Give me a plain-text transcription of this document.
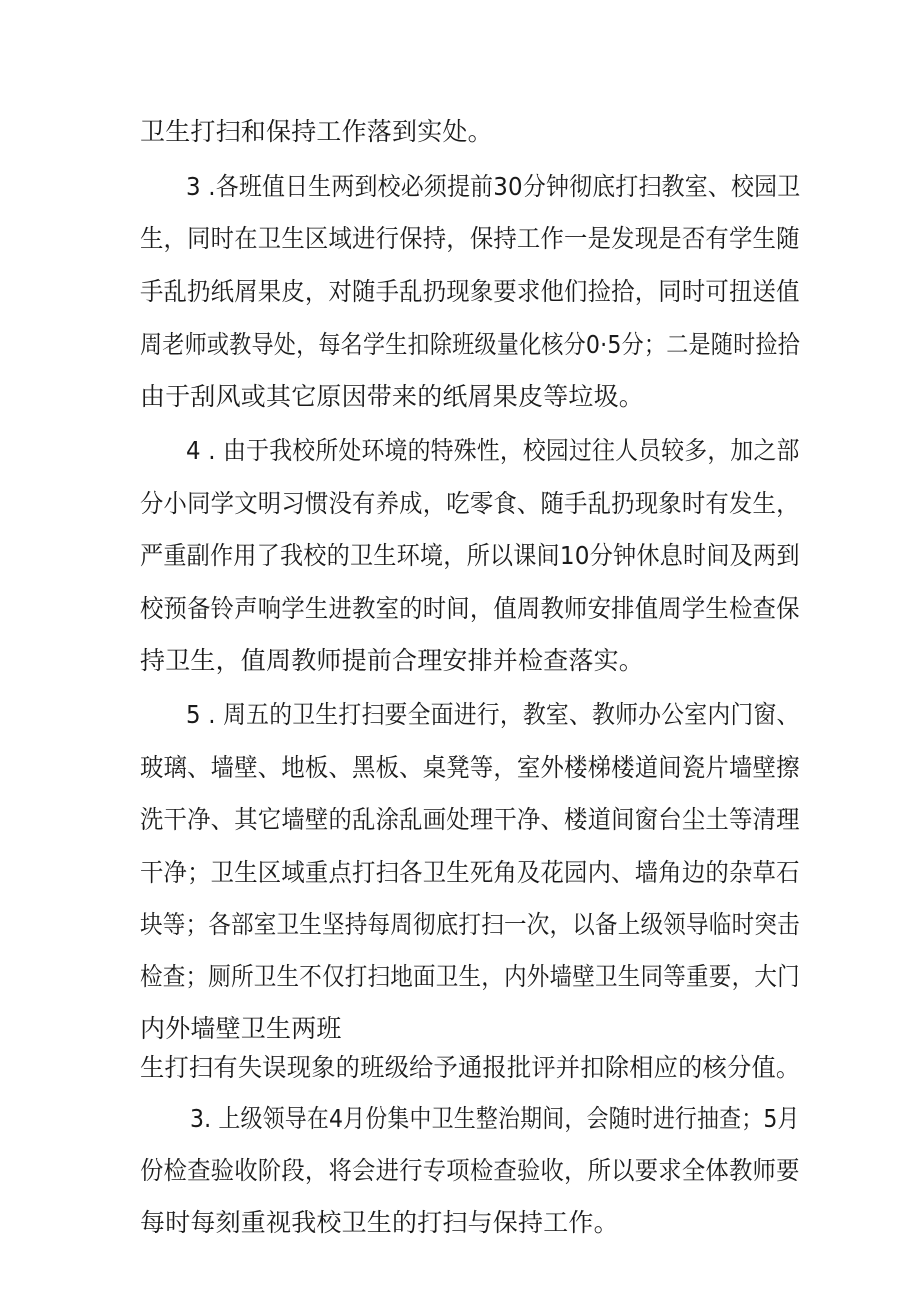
卫生打扫和保持工作落到实处。
3 .各班值日生两到校必须提前30分钟彻底打扫教室、校园卫
生，同时在卫生区域进行保持，保持工作一是发现是否有学生随
手乱扔纸屑果皮，对随手乱扔现象要求他们捡拾，同时可扭送值
周老师或教导处，每名学生扣除班级量化核分0·5分；二是随时捡拾
由于刮风或其它原因带来的纸屑果皮等垃圾。
4 . 由于我校所处环境的特殊性，校园过往人员较多，加之部
分小同学文明习惯没有养成，吃零食、随手乱扔现象时有发生，
严重副作用了我校的卫生环境，所以课间10分钟休息时间及两到
校预备铃声响学生进教室的时间，值周教师安排值周学生检查保
持卫生，值周教师提前合理安排并检查落实。
5 . 周五的卫生打扫要全面进行，教室、教师办公室内门窗、
玻璃、墙壁、地板、黑板、桌凳等，室外楼梯楼道间瓷片墙壁擦
洗干净、其它墙壁的乱涂乱画处理干净、楼道间窗台尘土等清理
干净；卫生区域重点打扫各卫生死角及花园内、墙角边的杂草石
块等；各部室卫生坚持每周彻底打扫一次，以备上级领导临时突击
检查；厕所卫生不仅打扫地面卫生，内外墙壁卫生同等重要，大门
内外墙壁卫生两班
生打扫有失误现象的班级给予通报批评并扣除相应的核分值。
3. 上级领导在4月份集中卫生整治期间，会随时进行抽查；5月
份检查验收阶段，将会进行专项检查验收，所以要求全体教师要
每时每刻重视我校卫生的打扫与保持工作。
